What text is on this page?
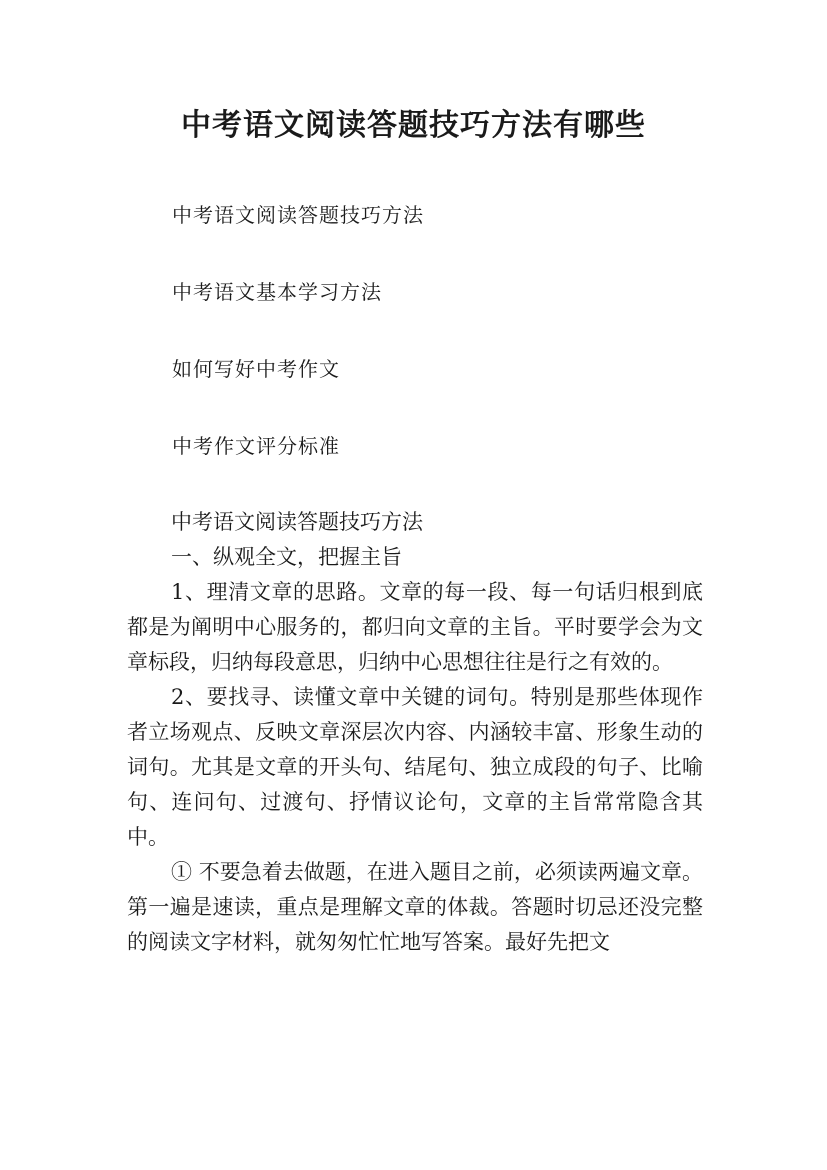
中考语文阅读答题技巧方法有哪些

中考语文阅读答题技巧方法

中考语文基本学习方法

如何写好中考作文

中考作文评分标准

中考语文阅读答题技巧方法

一、纵观全文，把握主旨

1、理清文章的思路。文章的每一段、每一句话归根到底都是为阐明中心服务的，都归向文章的主旨。平时要学会为文章标段，归纳每段意思，归纳中心思想往往是行之有效的。

2、要找寻、读懂文章中关键的词句。特别是那些体现作者立场观点、反映文章深层次内容、内涵较丰富、形象生动的词句。尤其是文章的开头句、结尾句、独立成段的句子、比喻句、连问句、过渡句、抒情议论句，文章的主旨常常隐含其中。

① 不要急着去做题，在进入题目之前，必须读两遍文章。第一遍是速读，重点是理解文章的体裁。答题时切忌还没完整的阅读文字材料，就匆匆忙忙地写答案。最好先把文
